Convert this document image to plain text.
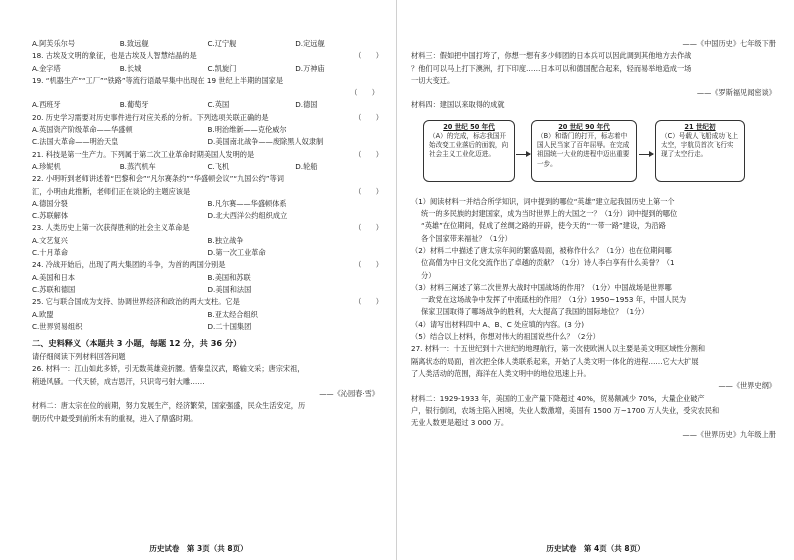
A.阿芙乐尔号	B.致远舰	C.辽宁舰	D.定远舰
18. 古埃及文明的象征，也是古埃及人智慧结晶的是	（　　）
A.金字塔	B.长城	C.凯旋门	D.万神庙
19. “机器生产”“工厂”“铁路”等流行语最早集中出现在 19 世纪上半期的国家是
（　　）
A.西班牙	B.葡萄牙	C.英国	D.德国
20. 历史学习需要对历史事件进行对应关系的分析。下列选项关联正确的是	（　　）
A.英国资产阶级革命——华盛顿	B.明治维新——克伦威尔
C.法国大革命——明治天皇	D.美国南北战争——废除黑人奴隶制
21. 科技是第一生产力。下列属于第二次工业革命时期美国人发明的是	（　　）
A.珍妮机	B.蒸汽机车	C.飞机	D.轮船
22. 小明听到老师讲述着“巴黎和会”“凡尔赛条约”“华盛顿会议”“九国公约”等词
汇，小明由此推断，老师们正在谈论的主题应该是	（　　）
A.德国分裂	B.凡尔赛——华盛顿体系
C.苏联解体	D.北大西洋公约组织成立
23. 人类历史上第一次获得胜利的社会主义革命是	（　　）
A.文艺复兴	B.独立战争
C.十月革命	D.第一次工业革命
24. 冷战开始后，出现了两大集团的斗争，为首的两国分别是	（　　）
A.美国和日本	B.美国和苏联
C.苏联和德国	D.美国和法国
25. 它与联合国成为支持、协调世界经济和政治的两大支柱。它是	（　　）
A.欧盟	B.亚太经合组织
C.世界贸易组织	D.二十国集团
二、史料释义（本题共 3 小题，每题 12 分，共 36 分）
请仔细阅读下列材料回答问题
26. 材料一：江山如此多娇，引无数英雄竞折腰。惜秦皇汉武，略输文采；唐宗宋祖，
稍逊风骚。一代天骄，成吉思汗，只识弯弓射大雕……
——《沁园春·雪》
材料二：唐太宗在位的前期，努力发展生产，经济繁荣，国家强盛，民众生活安定，历
朝历代中最受到前所未有的重视，进入了鼎盛时期。
历史试卷　第 3页（共 8页）
——《中国历史》七年级下册
材料三：假如把中国打垮了，你想一想有多少师团的日本兵可以因此调到其他地方去作战
？他们可以马上打下澳洲，打下印度……日本可以和德国配合起来，轻而易举地造成一场
一切大变迁。
——《罗斯福见闻密谈》
材料四：建国以来取得的成就
20 世纪 50 年代
（A）的完成，标志我国开始改变工业落后的面貌，向社会主义工业化迈进。
20 世纪 90 年代
（B）和谐门的打开，标志着中国人民当家了百年屈辱。在完成祖国统一大业的进程中迈出重要一步。
21 世纪初
（C）号载人飞船成功飞上太空，宇航员首次飞行实现了太空行走。
（1）阅读材料一并结合所学知识，词中提到的哪位“英雄”建立起我国历史上第一个
统一的多民族的封建国家，成为当时世界上的大国之一？（1分）词中提到的哪位
“英雄”在位期间，促成了丝绸之路的开辟，使今天的“一带一路”建设，为沿路
各个国家带来福祉？（1分）
（2）材料二中描述了唐太宗年间的繁盛局面，被称作什么？（1分）也在位期间哪
位高僧为中日文化交流作出了卓越的贡献？（1分）诗人李白享有什么美誉？（1
分）
（3）材料三阐述了第二次世界大战时中国战场的作用？（1分）中国战场是世界哪
一政党在这场战争中发挥了中流砥柱的作用？（1分）1950~1953 年，中国人民为
保家卫国取得了哪场战争的胜利，大大提高了我国的国际地位？（1分）
（4）请写出材料四中 A、B、C 处应填的内容。(3 分)
（5）结合以上材料，你想对伟大的祖国说些什么？（2分）
27. 材料一：十五世纪到十六世纪的地理航行，第一次使欧洲人以主要是美文明区域性分割和
隔离状态的局面，首次把全体人类联系起来，开始了人类文明一体化的进程……它大大扩展
了人类活动的范围，海洋在人类文明中的地位迅速上升。
——《世界史纲》
材料二：1929-1933 年，美国的工业产量下降超过 40%，贸易额减少 70%，大量企业破产
户，银行倒闭，农场主陷入困境，失业人数激增，美国有 1500 万~1700 万人失业，受灾农民和
无业人数更是超过 3 000 万。
——《世界历史》九年级上册
历史试卷　第 4页（共 8页）
